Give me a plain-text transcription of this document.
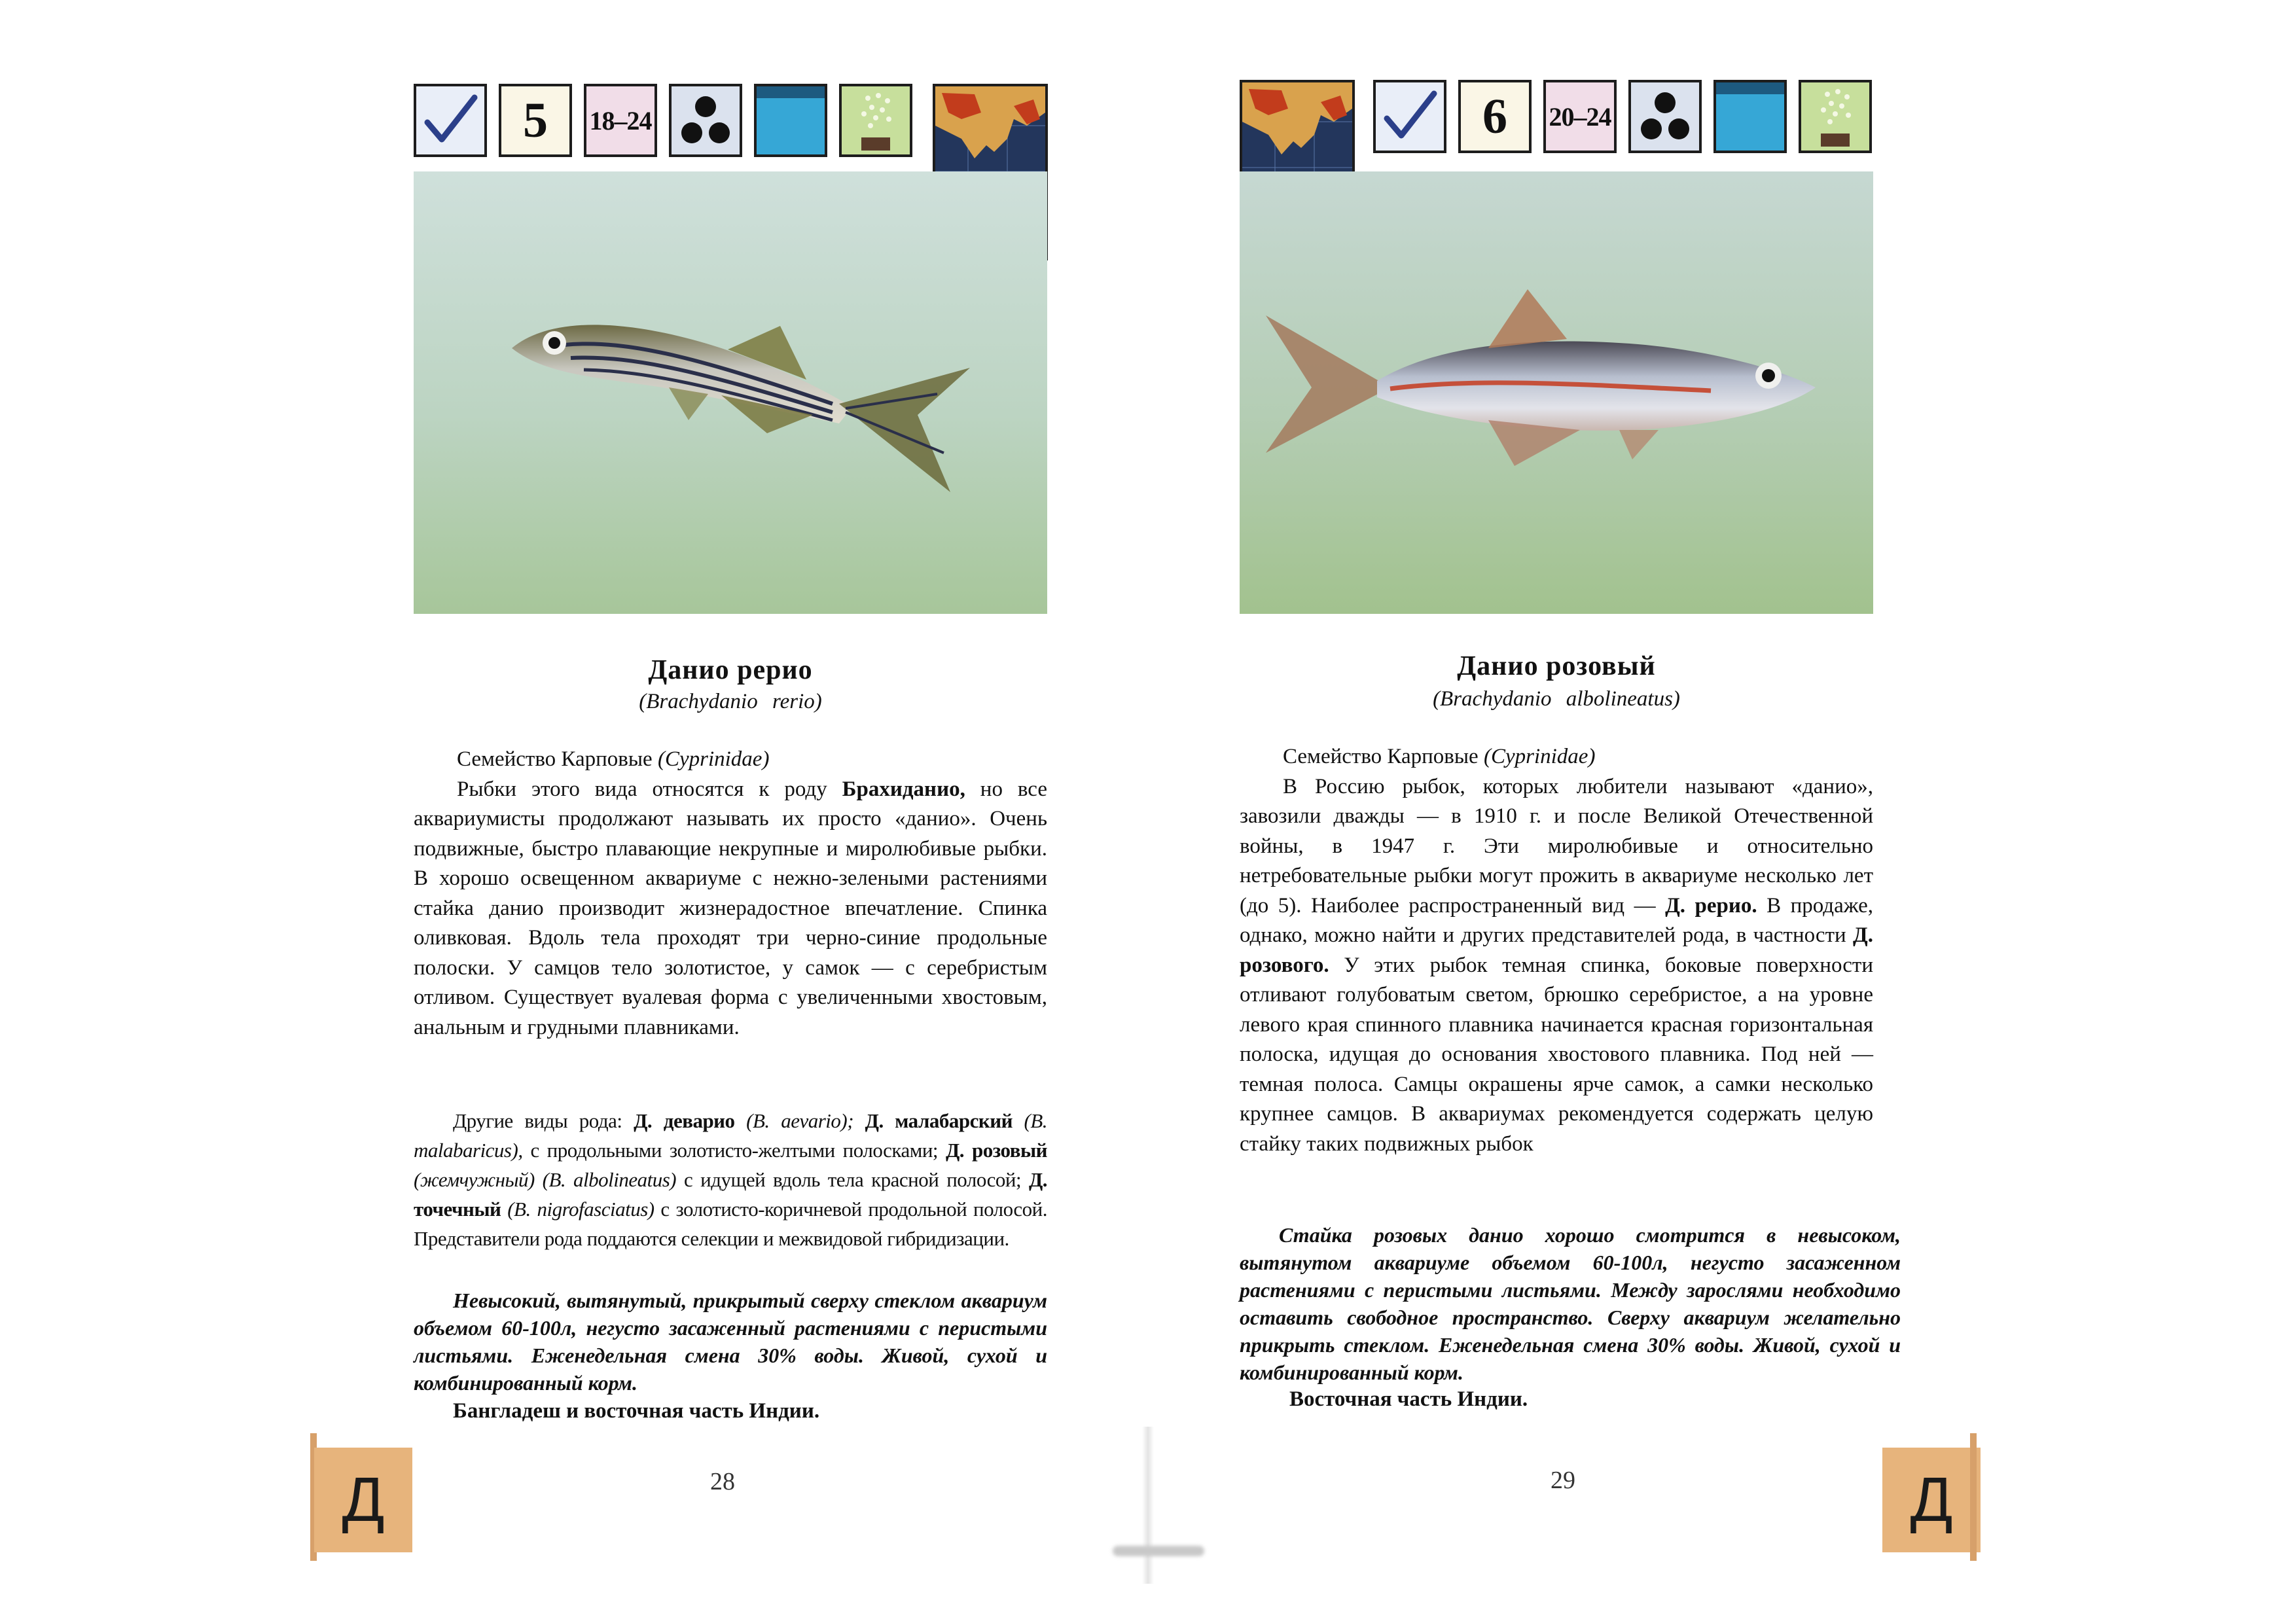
5	18–24
Данио рерио
(Brachydanio rerio)

Семейство Карповые (Cyprinidae)

Рыбки этого вида относятся к роду Брахиданио, но все аквариумисты продолжают называть их просто «данио». Очень подвижные, быстро плавающие некрупные и миролюбивые рыбки. В хорошо освещенном аквариуме с нежно-зелеными растениями стайка данио производит жизнерадостное впечатление. Спинка оливковая. Вдоль тела проходят три черно-синие продольные полоски. У самцов тело золотистое, у самок — с серебристым отливом. Существует вуалевая форма с увеличенными хвостовым, анальным и грудными плавниками.

Другие виды рода: Д. деварио (В. aevario); Д. малабарский (В. malabaricus), с продольными золотисто-желтыми полосками; Д. розовый (жемчужный) (В. albolineatus) с идущей вдоль тела красной полосой; Д. точечный (В. nigrofasciatus) с золотисто-коричневой продольной полосой. Представители рода поддаются селекции и межвидовой гибридизации.

Невысокий, вытянутый, прикрытый сверху стеклом аквариум объемом 60-100л, негусто засаженный растениями с перистыми листьями. Еженедельная смена 30% воды. Живой, сухой и комбинированный корм.

Бангладеш и восточная часть Индии.
28
Д
6	20–24
Данио розовый
(Brachydanio albolineatus)

Семейство Карповые (Cyprinidae)

В Россию рыбок, которых любители называют «данио», завозили дважды — в 1910 г. и после Великой Отечественной войны, в 1947 г. Эти миролюбивые и относительно нетребовательные рыбки могут прожить в аквариуме несколько лет (до 5). Наиболее распространенный вид — Д. рерио. В продаже, однако, можно найти и других представителей рода, в частности Д. розового. У этих рыбок темная спинка, боковые поверхности отливают голубоватым светом, брюшко серебристое, а на уровне левого края спинного плавника начинается красная горизонтальная полоска, идущая до основания хвостового плавника. Под ней — темная полоса. Самцы окрашены ярче самок, а самки несколько крупнее самцов. В аквариумах рекомендуется содержать целую стайку таких подвижных рыбок

Стайка розовых данио хорошо смотрится в невысоком, вытянутом аквариуме объемом 60-100л, негусто засаженном растениями с перистыми листьями. Между зарослями необходимо оставить свободное пространство. Сверху аквариум желательно прикрыть стеклом. Еженедельная смена 30% воды. Живой, сухой и комбинированный корм.

Восточная часть Индии.
29	Д
